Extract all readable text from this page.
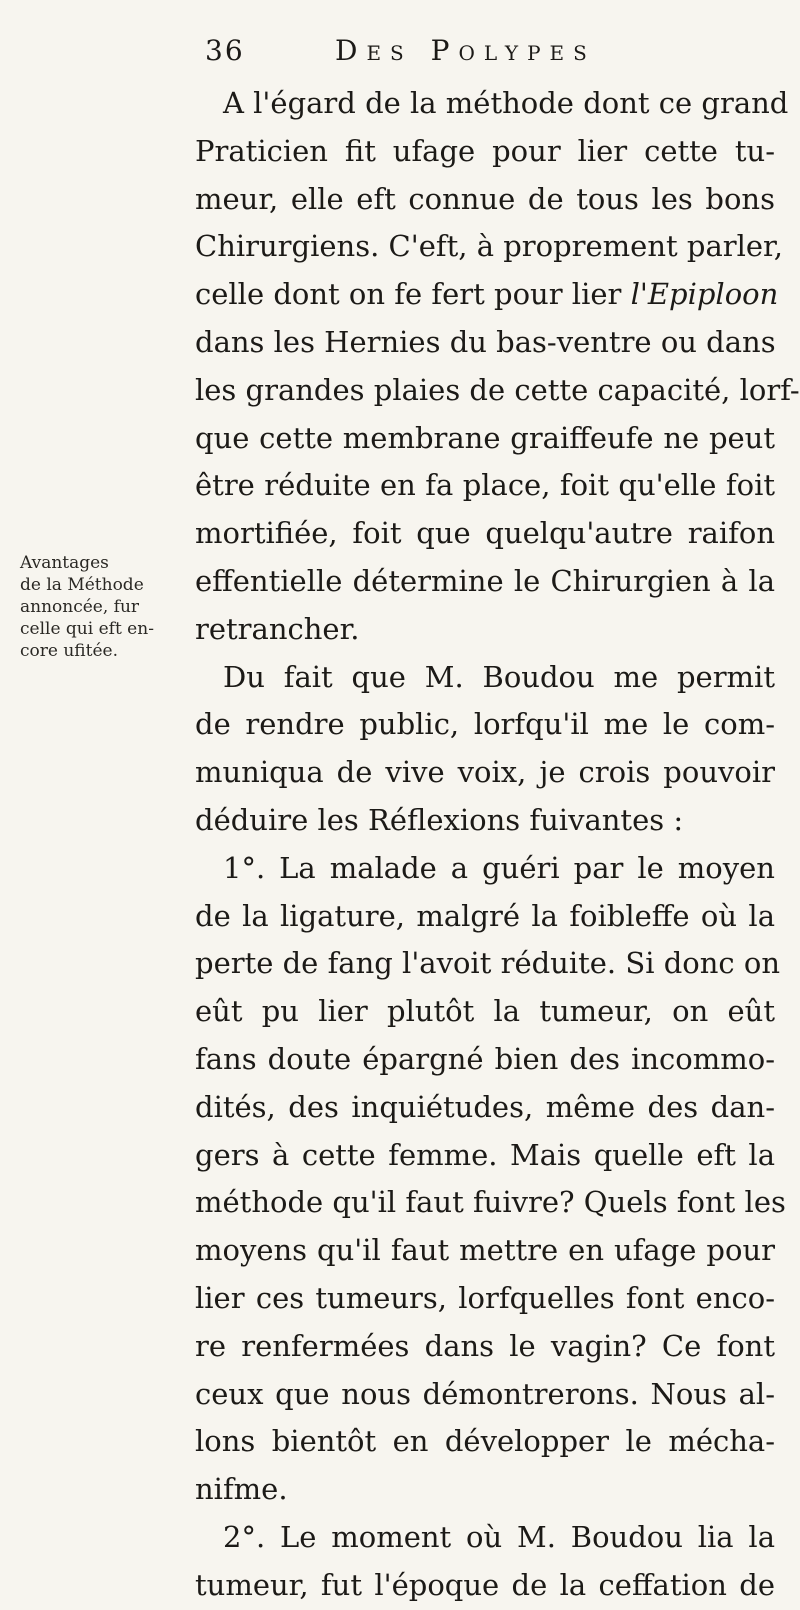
36	Des Polypes
Avantages
de la Méthode
annoncée, fur
celle qui eft en-
core ufitée.
A l'égard de la méthode dont ce grand
Praticien fit ufage pour lier cette tu-
meur, elle eft connue de tous les bons
Chirurgiens. C'eft, à proprement parler,
celle dont on fe fert pour lier l'Epiploon
dans les Hernies du bas-ventre ou dans
les grandes plaies de cette capacité, lorf-
que cette membrane graiffeufe ne peut
être réduite en fa place, foit qu'elle foit
mortifiée, foit que quelqu'autre raifon
effentielle détermine le Chirurgien à la
retrancher.
Du fait que M. Boudou me permit
de rendre public, lorfqu'il me le com-
muniqua de vive voix, je crois pouvoir
déduire les Réflexions fuivantes :
1°. La malade a guéri par le moyen
de la ligature, malgré la foibleffe où la
perte de fang l'avoit réduite. Si donc on
eût pu lier plutôt la tumeur, on eût
fans doute épargné bien des incommo-
dités, des inquiétudes, même des dan-
gers à cette femme. Mais quelle eft la
méthode qu'il faut fuivre? Quels font les
moyens qu'il faut mettre en ufage pour
lier ces tumeurs, lorfquelles font enco-
re renfermées dans le vagin? Ce font
ceux que nous démontrerons. Nous al-
lons bientôt en développer le mécha-
nifme.
2°. Le moment où M. Boudou lia la
tumeur, fut l'époque de la ceffation de
